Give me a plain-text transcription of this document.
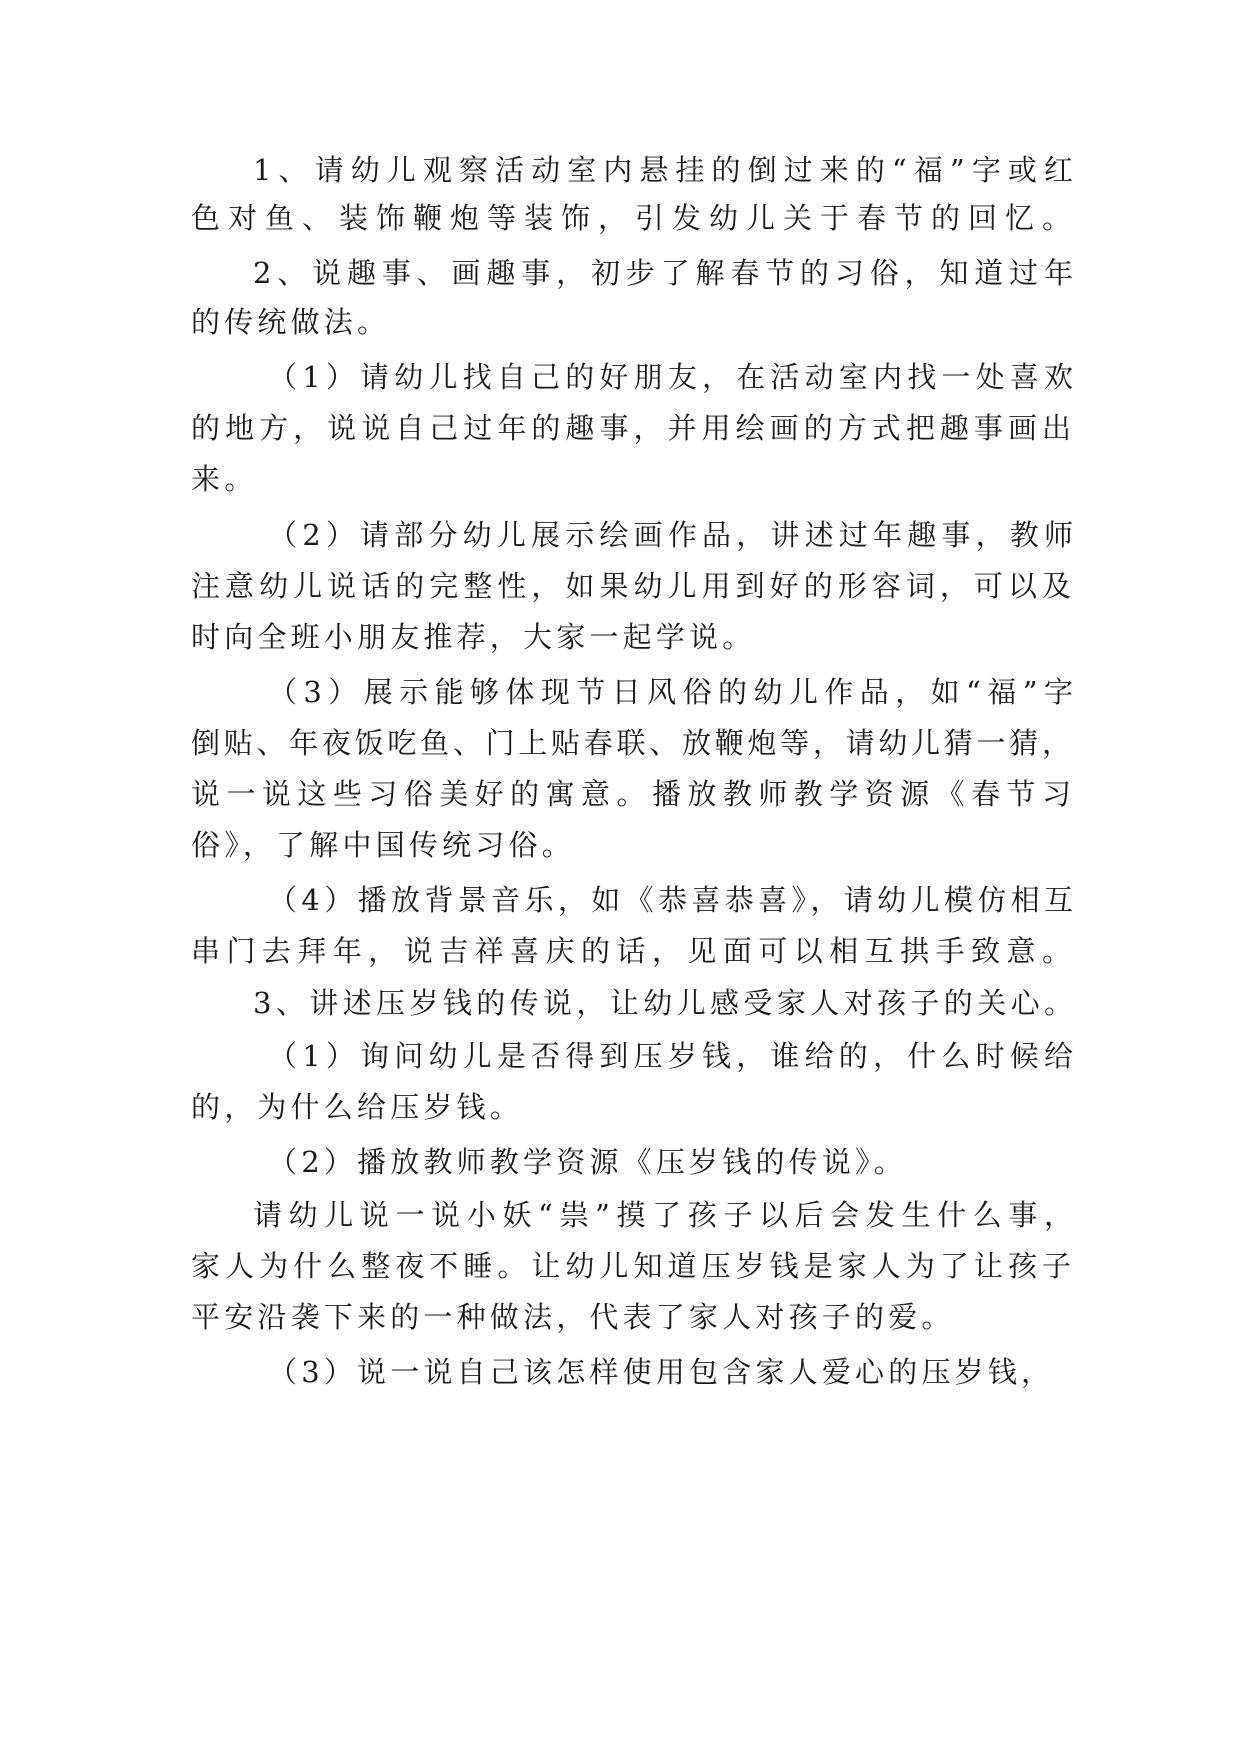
1、请幼儿观察活动室内悬挂的倒过来的“福”字或红
色对鱼、装饰鞭炮等装饰，引发幼儿关于春节的回忆。
2、说趣事、画趣事，初步了解春节的习俗，知道过年
的传统做法。
（1）请幼儿找自己的好朋友，在活动室内找一处喜欢
的地方，说说自己过年的趣事，并用绘画的方式把趣事画出
来。
（2）请部分幼儿展示绘画作品，讲述过年趣事，教师
注意幼儿说话的完整性，如果幼儿用到好的形容词，可以及
时向全班小朋友推荐，大家一起学说。
（3）展示能够体现节日风俗的幼儿作品，如“福”字
倒贴、年夜饭吃鱼、门上贴春联、放鞭炮等，请幼儿猜一猜，
说一说这些习俗美好的寓意。播放教师教学资源《春节习
俗》，了解中国传统习俗。
（4）播放背景音乐，如《恭喜恭喜》，请幼儿模仿相互
串门去拜年，说吉祥喜庆的话，见面可以相互拱手致意。
3、讲述压岁钱的传说，让幼儿感受家人对孩子的关心。
（1）询问幼儿是否得到压岁钱，谁给的，什么时候给
的，为什么给压岁钱。
（2）播放教师教学资源《压岁钱的传说》。
请幼儿说一说小妖“祟”摸了孩子以后会发生什么事，
家人为什么整夜不睡。让幼儿知道压岁钱是家人为了让孩子
平安沿袭下来的一种做法，代表了家人对孩子的爱。
（3）说一说自己该怎样使用包含家人爱心的压岁钱，
